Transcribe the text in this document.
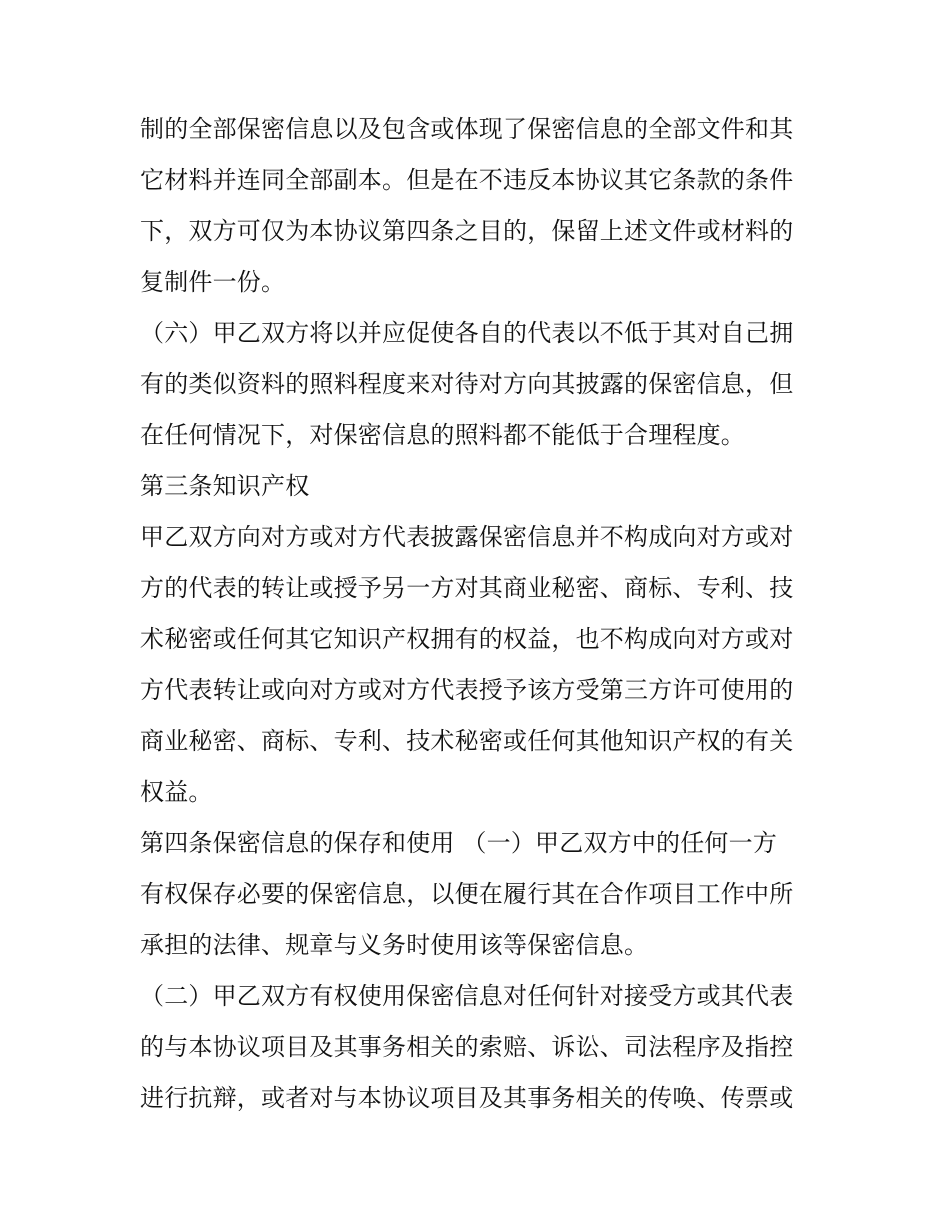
制的全部保密信息以及包含或体现了保密信息的全部文件和其
它材料并连同全部副本。但是在不违反本协议其它条款的条件
下，双方可仅为本协议第四条之目的，保留上述文件或材料的
复制件一份。
（六）甲乙双方将以并应促使各自的代表以不低于其对自己拥
有的类似资料的照料程度来对待对方向其披露的保密信息，但
在任何情况下，对保密信息的照料都不能低于合理程度。
第三条知识产权
甲乙双方向对方或对方代表披露保密信息并不构成向对方或对
方的代表的转让或授予另一方对其商业秘密、商标、专利、技
术秘密或任何其它知识产权拥有的权益，也不构成向对方或对
方代表转让或向对方或对方代表授予该方受第三方许可使用的
商业秘密、商标、专利、技术秘密或任何其他知识产权的有关
权益。
第四条保密信息的保存和使用 （一）甲乙双方中的任何一方
有权保存必要的保密信息，以便在履行其在合作项目工作中所
承担的法律、规章与义务时使用该等保密信息。
（二）甲乙双方有权使用保密信息对任何针对接受方或其代表
的与本协议项目及其事务相关的索赔、诉讼、司法程序及指控
进行抗辩，或者对与本协议项目及其事务相关的传唤、传票或
